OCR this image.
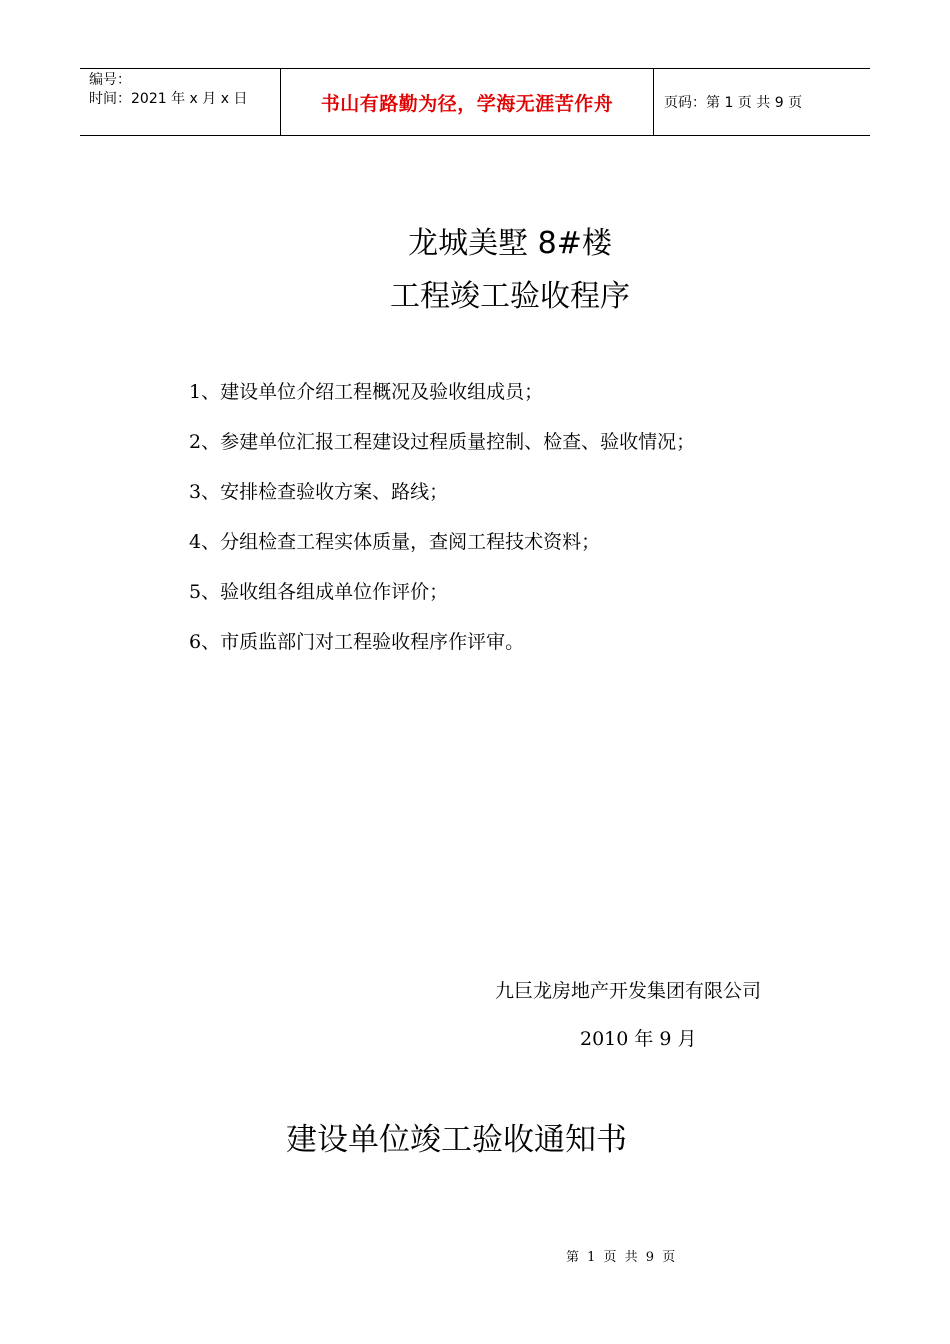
编号：
时间：2021 年 x 月 x 日	书山有路勤为径，学海无涯苦作舟	页码：第 1 页 共 9 页
龙城美墅 8#楼
工程竣工验收程序
1、建设单位介绍工程概况及验收组成员；
2、参建单位汇报工程建设过程质量控制、检查、验收情况；
3、安排检查验收方案、路线；
4、分组检查工程实体质量，查阅工程技术资料；
5、验收组各组成单位作评价；
6、市质监部门对工程验收程序作评审。
九巨龙房地产开发集团有限公司
2010 年 9 月
建设单位竣工验收通知书
第 1 页 共 9 页
